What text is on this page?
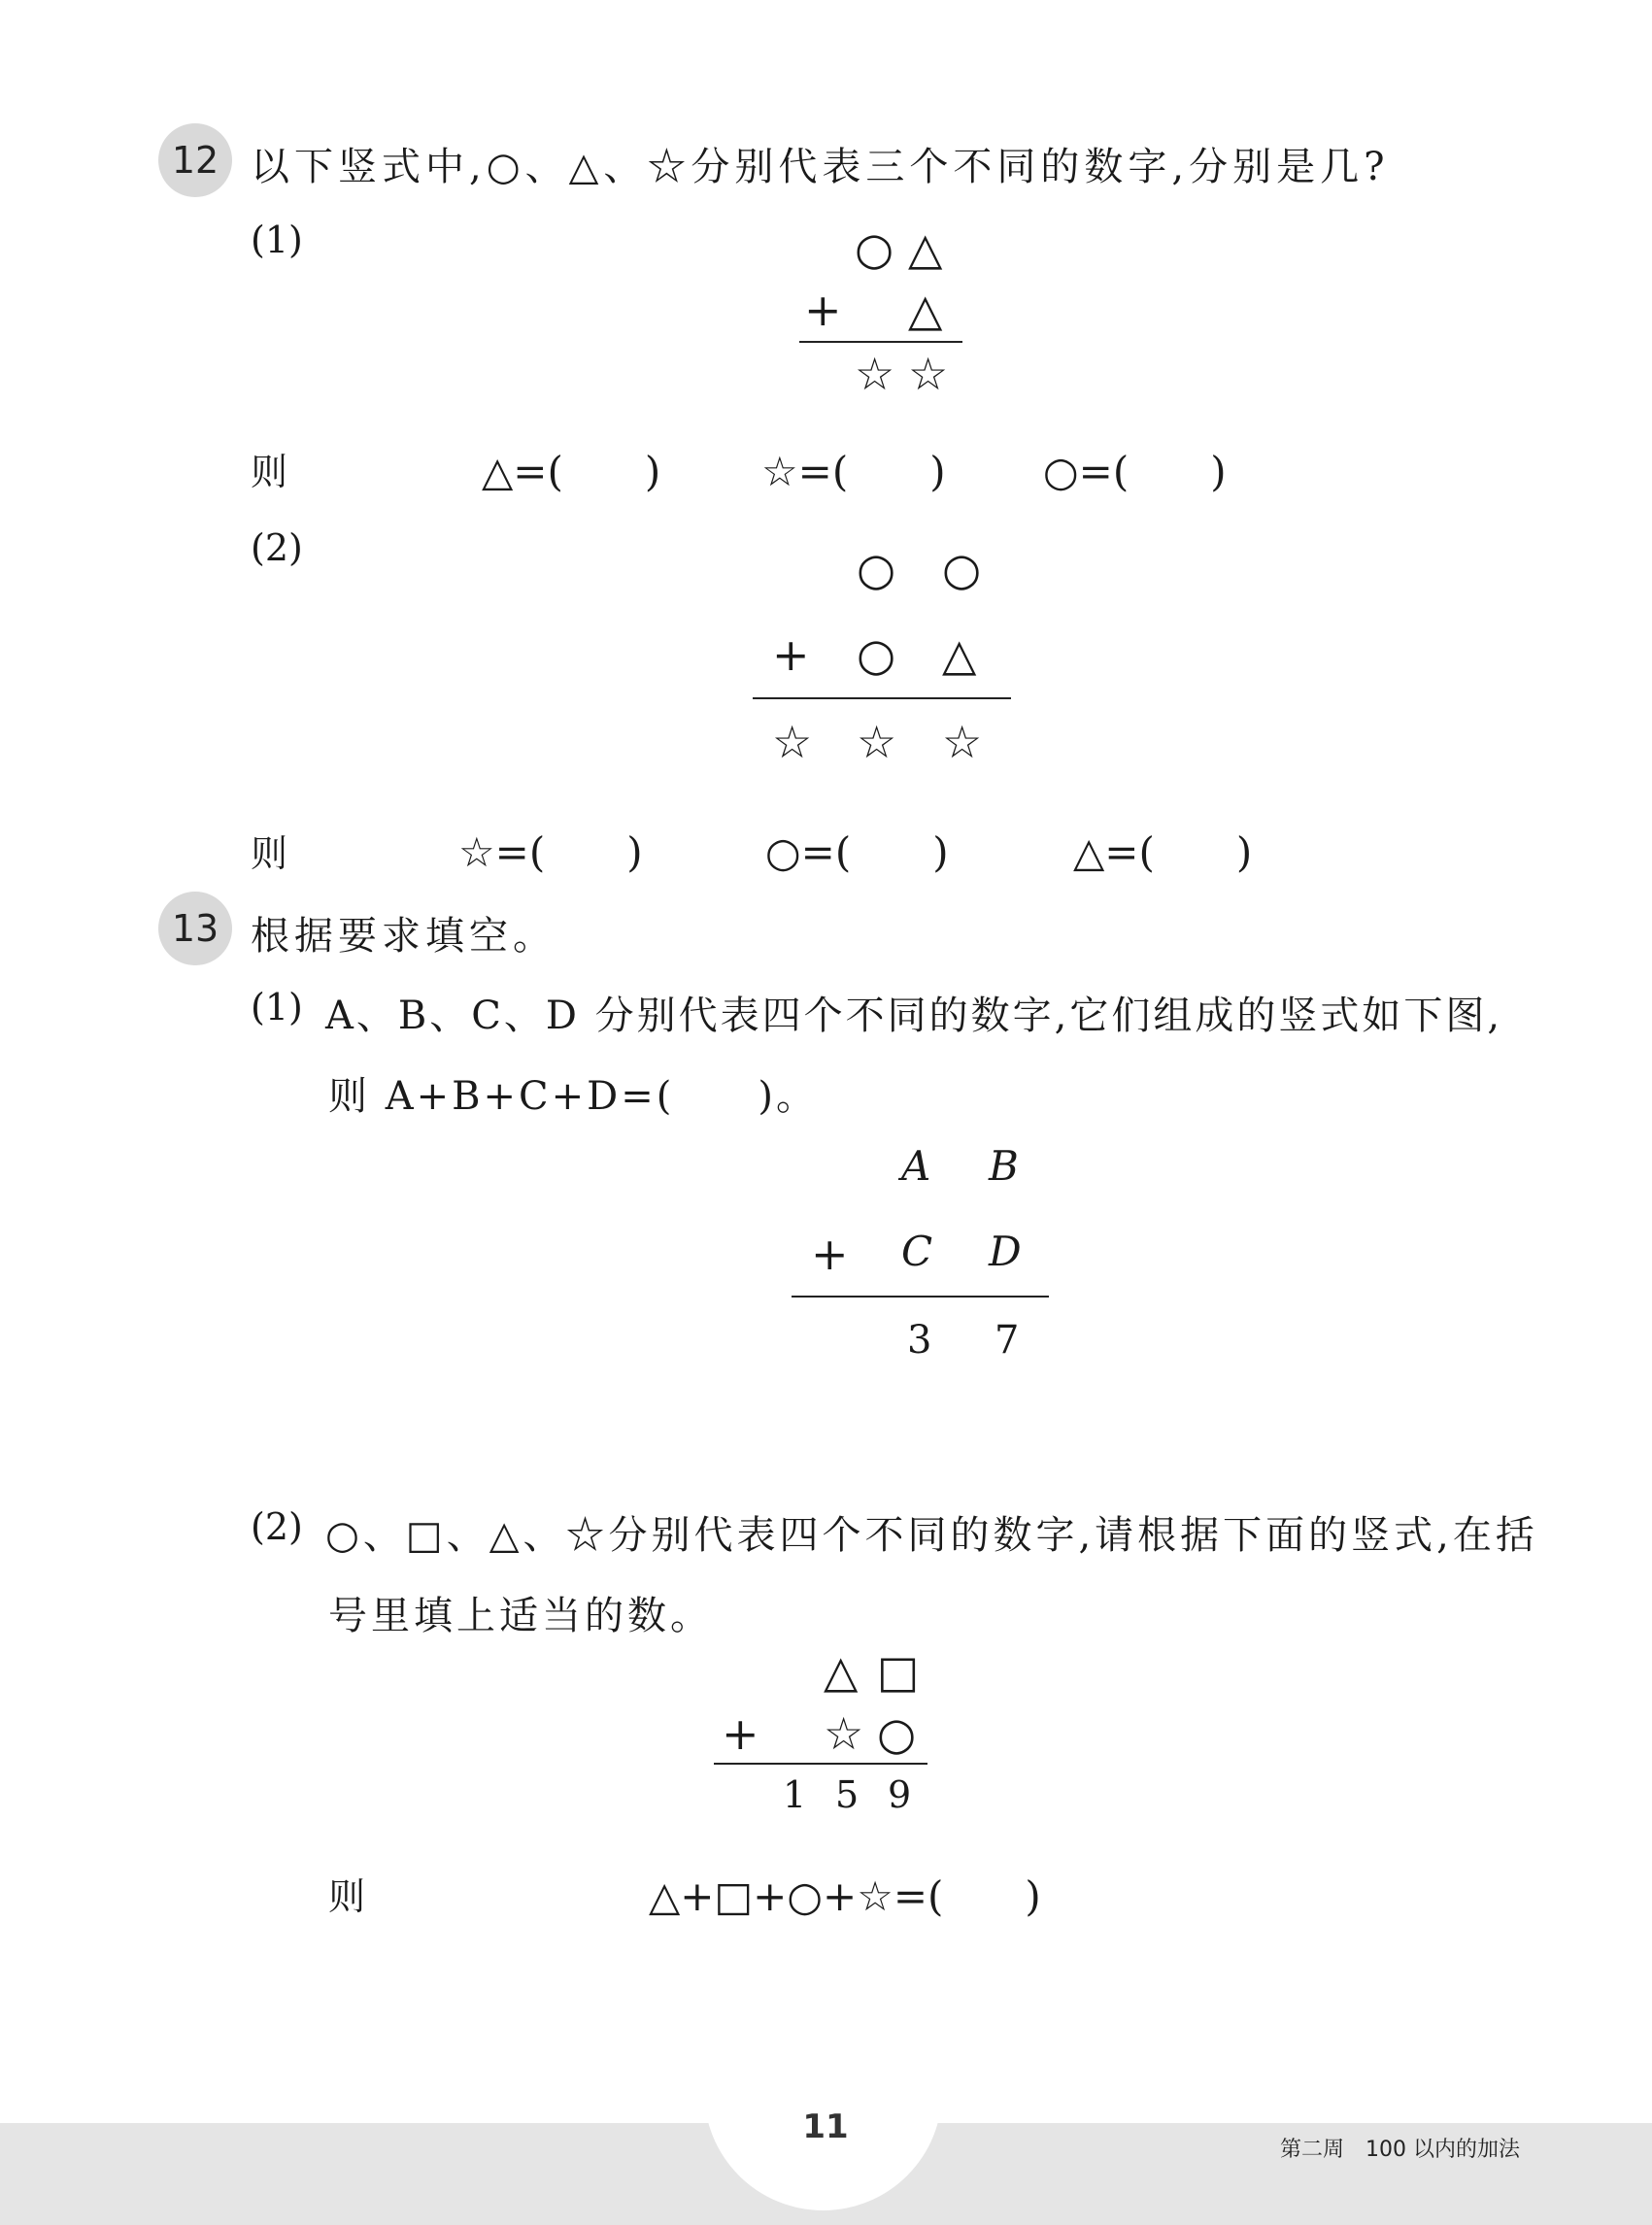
12 以下竖式中,○、△、☆分别代表三个不同的数字,分别是几?
(1)	○ △
+ △
☆ ☆
则	△=(　　) ☆=(　　) ○=(　　)
(2)	○ ○
+ ○ △
☆ ☆ ☆
则	☆=(　　)	○=(　　)	△=(　　)
13 根据要求填空。
(1) A、B、C、D 分别代表四个不同的数字,它们组成的竖式如下图,
则 A+B+C+D=(　　)。
A B
+ C D
3 7
(2) ○、□、△、☆分别代表四个不同的数字,请根据下面的竖式,在括
号里填上适当的数。
△ □
+ ☆ ○
1 5 9
则	△+□+○+☆=(　　)
11
第二周　100 以内的加法
